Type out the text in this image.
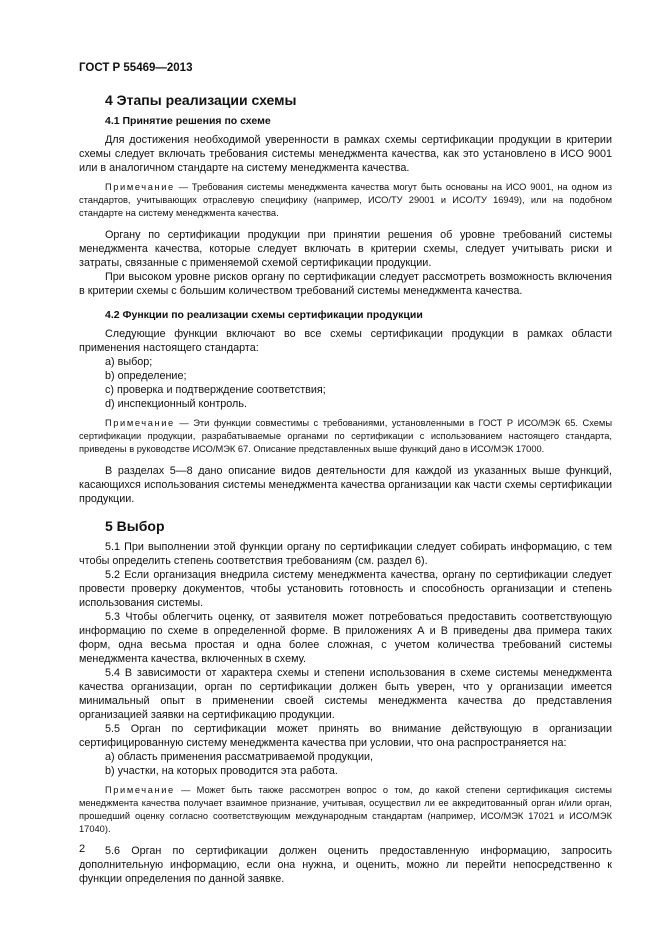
ГОСТ Р 55469—2013
4 Этапы реализации схемы
4.1 Принятие решения по схеме

Для достижения необходимой уверенности в рамках схемы сертификации продукции в критерии схемы следует включать требования системы менеджмента качества, как это установлено в ИСО 9001 или в аналогичном стандарте на систему менеджмента качества.

Примечание — Требования системы менеджмента качества могут быть основаны на ИСО 9001, на одном из стандартов, учитывающих отраслевую специфику (например, ИСО/ТУ 29001 и ИСО/ТУ 16949), или на подобном стандарте на систему менеджмента качества.

Органу по сертификации продукции при принятии решения об уровне требований системы менеджмента качества, которые следует включать в критерии схемы, следует учитывать риски и затраты, связанные с применяемой схемой сертификации продукции.

При высоком уровне рисков органу по сертификации следует рассмотреть возможность включения в критерии схемы с большим количеством требований системы менеджмента качества.

4.2 Функции по реализации схемы сертификации продукции

Следующие функции включают во все схемы сертификации продукции в рамках области применения настоящего стандарта:

a) выбор;

b) определение;

c) проверка и подтверждение соответствия;

d) инспекционный контроль.

Примечание — Эти функции совместимы с требованиями, установленными в ГОСТ Р ИСО/МЭК 65. Схемы сертификации продукции, разрабатываемые органами по сертификации с использованием настоящего стандарта, приведены в руководстве ИСО/МЭК 67. Описание представленных выше функций дано в ИСО/МЭК 17000.

В разделах 5—8 дано описание видов деятельности для каждой из указанных выше функций, касающихся использования системы менеджмента качества организации как части схемы сертификации продукции.

5 Выбор

5.1 При выполнении этой функции органу по сертификации следует собирать информацию, с тем чтобы определить степень соответствия требованиям (см. раздел 6).

5.2 Если организация внедрила систему менеджмента качества, органу по сертификации следует провести проверку документов, чтобы установить готовность и способность организации и степень использования системы.

5.3 Чтобы облегчить оценку, от заявителя может потребоваться предоставить соответствующую информацию по схеме в определенной форме. В приложениях А и В приведены два примера таких форм, одна весьма простая и одна более сложная, с учетом количества требований системы менеджмента качества, включенных в схему.

5.4 В зависимости от характера схемы и степени использования в схеме системы менеджмента качества организации, орган по сертификации должен быть уверен, что у организации имеется минимальный опыт в применении своей системы менеджмента качества до представления организацией заявки на сертификацию продукции.

5.5 Орган по сертификации может принять во внимание действующую в организации сертифицированную систему менеджмента качества при условии, что она распространяется на:

a) область применения рассматриваемой продукции,

b) участки, на которых проводится эта работа.

Примечание — Может быть также рассмотрен вопрос о том, до какой степени сертификация системы менеджмента качества получает взаимное признание, учитывая, осуществил ли ее аккредитованный орган и/или орган, прошедший оценку согласно соответствующим международным стандартам (например, ИСО/МЭК 17021 и ИСО/МЭК 17040).

5.6 Орган по сертификации должен оценить предоставленную информацию, запросить дополнительную информацию, если она нужна, и оценить, можно ли перейти непосредственно к функции определения по данной заявке.

2
